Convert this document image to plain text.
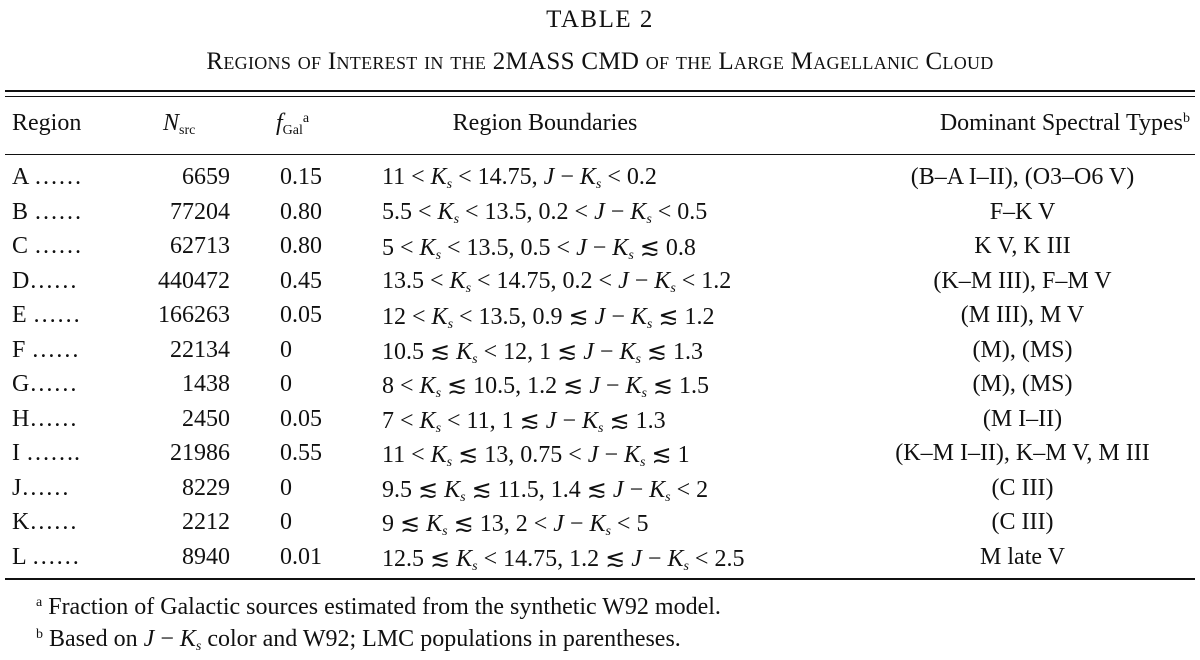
TABLE 2
Regions of Interest in the 2MASS CMD of the Large Magellanic Cloud
Region	$N_{src}$	$f_{Gal}^a$	Region Boundaries	Dominant Spectral Types$^b$
A ……	6659 0.15	$11 < K_s < 14.75$, $J - K_s < 0.2$	(B–A I–II), (O3–O6 V)
B ……	77204 0.80	$5.5 < K_s < 13.5$, $0.2 < J - K_s < 0.5$	F–K V
C ……	62713 0.80	$5 < K_s < 13.5$, $0.5 < J - K_s$ ≲ 0.8	K V, K III
D……	440472 0.45	$13.5 < K_s < 14.75$, $0.2 < J - K_s < 1.2$	(K–M III), F–M V
E ……	166263 0.05	$12 < K_s < 13.5$, 0.9 ≲ $J - K_s$ ≲ 1.2	(M III), M V
F ……	22134 0	10.5 ≲ $K_s < 12$, 1 ≲ $J - K_s$ ≲ 1.3	(M), (MS)
G……	1438 0	$8 < K_s$ ≲ 10.5, 1.2 ≲ $J - K_s$ ≲ 1.5	(M), (MS)
H……	2450 0.05	$7 < K_s < 11$, 1 ≲ $J - K_s$ ≲ 1.3	(M I–II)
I …….	21986 0.55	$11 < K_s$ ≲ 13, $0.75 < J - K_s$ ≲ 1	(K–M I–II), K–M V, M III
J……	8229 0	9.5 ≲ $K_s$ ≲ 11.5, 1.4 ≲ $J - K_s < 2$	(C III)
K……	2212 0	9 ≲ $K_s$ ≲ 13, $2 < J - K_s < 5$	(C III)
L ……	8940 0.01	12.5 ≲ $K_s < 14.75$, 1.2 ≲ $J - K_s < 2.5$	M late V
$^a$ Fraction of Galactic sources estimated from the synthetic W92 model.
$^b$ Based on $J - K_s$ color and W92; LMC populations in parentheses.
